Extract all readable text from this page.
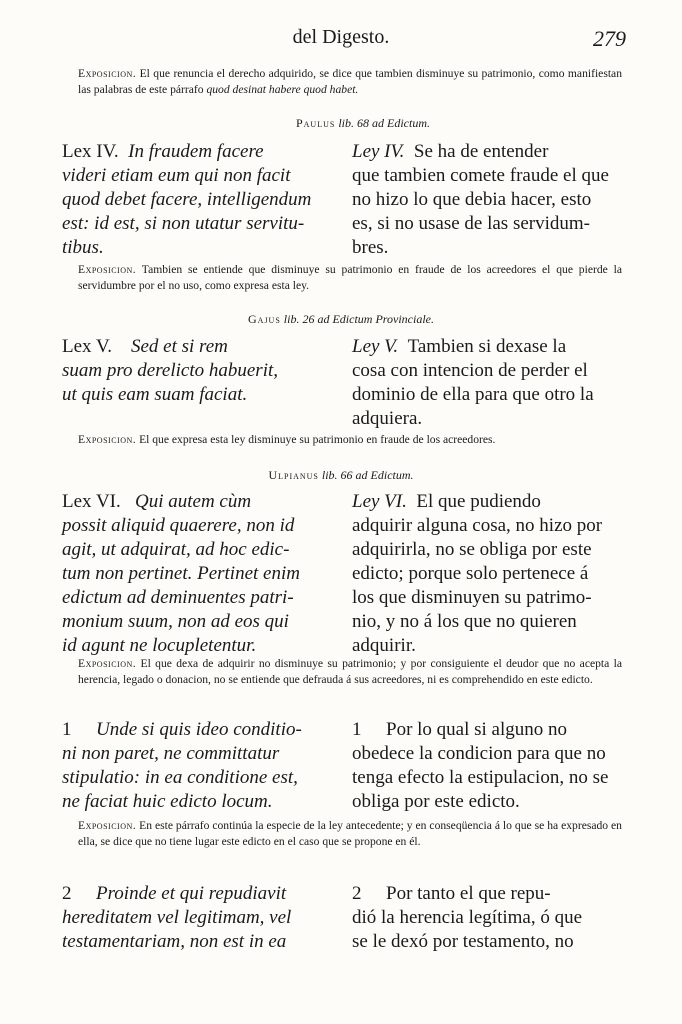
del Digesto.	279
Exposicion. El que renuncia el derecho adquirido, se dice que tambien disminuye su patrimonio, como manifiestan las palabras de este párrafo quod desinat habere quod habet.
Paulus lib. 68 ad Edictum.
Lex IV. In fraudem facere
videri etiam eum qui non facit
quod debet facere, intelligendum
est: id est, si non utatur servitu-
tibus.
Ley IV. Se ha de entender
que tambien comete fraude el que
no hizo lo que debia hacer, esto
es, si no usase de las servidum-
bres.
Exposicion. Tambien se entiende que disminuye su patrimonio en fraude de los acreedores el que pierde la servidumbre por el no uso, como expresa esta ley.
Gajus lib. 26 ad Edictum Provinciale.
Lex V. Sed et si rem
suam pro derelicto habuerit,
ut quis eam suam faciat.
Ley V. Tambien si dexase la
cosa con intencion de perder el
dominio de ella para que otro la
adquiera.
Exposicion. El que expresa esta ley disminuye su patrimonio en fraude de los acreedores.
Ulpianus lib. 66 ad Edictum.
Lex VI. Qui autem cùm
possit aliquid quaerere, non id
agit, ut adquirat, ad hoc edic-
tum non pertinet. Pertinet enim
edictum ad deminuentes patri-
monium suum, non ad eos qui
id agunt ne locupletentur.
Ley VI. El que pudiendo
adquirir alguna cosa, no hizo por
adquirirla, no se obliga por este
edicto; porque solo pertenece á
los que disminuyen su patrimo-
nio, y no á los que no quieren
adquirir.
Exposicion. El que dexa de adquirir no disminuye su patrimonio; y por consiguiente el deudor que no acepta la herencia, legado o donacion, no se entiende que defrauda á sus acreedores, ni es comprehendido en este edicto.
1 Unde si quis ideo conditio-
ni non paret, ne committatur
stipulatio: in ea conditione est,
ne faciat huic edicto locum.
1 Por lo qual si alguno no
obedece la condicion para que no
tenga efecto la estipulacion, no se
obliga por este edicto.
Exposicion. En este párrafo continúa la especie de la ley antecedente; y en conseqüencia á lo que se ha expresado en ella, se dice que no tiene lugar este edicto en el caso que se propone en él.
2 Proinde et qui repudiavit
hereditatem vel legitimam, vel
testamentariam, non est in ea
2 Por tanto el que repu-
dió la herencia legítima, ó que
se le dexó por testamento, no
